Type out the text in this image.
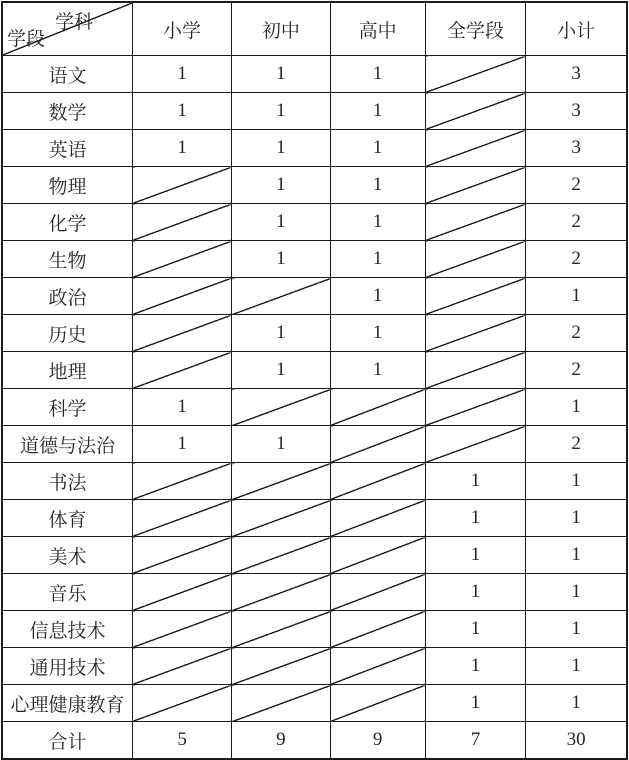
学科
学段	小学	初中	高中	全学段	小计
语文	1	1	1		3
数学	1	1	1		3
英语	1	1	1		3
物理		1	1		2
化学		1	1		2
生物		1	1		2
政治			1		1
历史		1	1		2
地理		1	1		2
科学	1				1
道德与法治	1	1			2
书法				1	1
体育				1	1
美术				1	1
音乐				1	1
信息技术				1	1
通用技术				1	1
心理健康教育				1	1
合计	5	9	9	7	30
